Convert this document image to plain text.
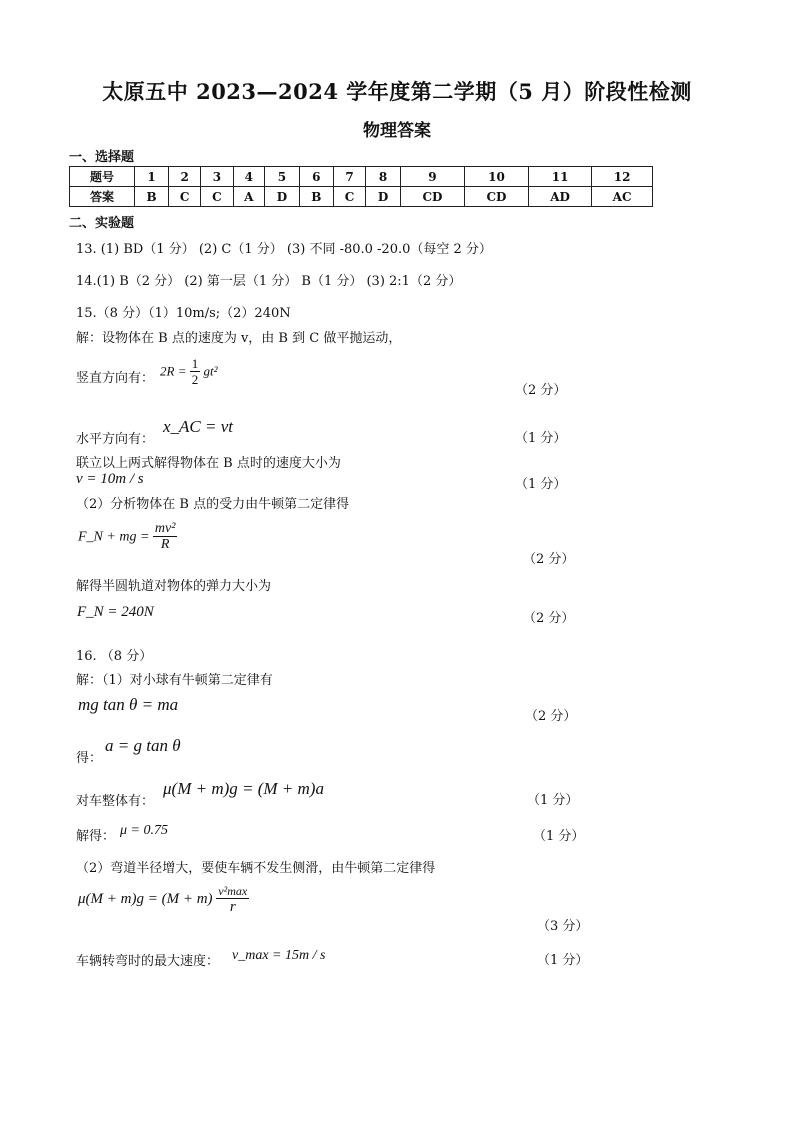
太原五中 2023—2024 学年度第二学期（5 月）阶段性检测
物理答案
一、选择题
题号	1	2	3	4	5	6	7	8	9	10	11	12
答案	B	C	C	A	D	B	C	D	CD	CD	AD	AC
二、实验题
13. (1) BD（1 分） (2) C（1 分） (3) 不同 -80.0 -20.0（每空 2 分）
14.(1) B（2 分） (2) 第一层（1 分） B（1 分） (3) 2:1（2 分）
15.（8 分）（1）10m/s;（2）240N
解：设物体在 B 点的速度为 v，由 B 到 C 做平抛运动，
竖直方向有：
$2R = \frac{1}{2} gt^2$
（2 分）
水平方向有：
x_AC = vt
（1 分）
联立以上两式解得物体在 B 点时的速度大小为
v = 10m / s	（1 分）
（2）分析物体在 B 点的受力由牛顿第二定律得
F_N + mg = $\frac{\text{mv²}}{R}$
（2 分）
解得半圆轨道对物体的弹力大小为
F_N = 240N	（2 分）
16. （8 分）
解：（1）对小球有牛顿第二定律有
mg tan θ = ma
（2 分）
得：
a = g tan θ
对车整体有：
μ(M + m)g = (M + m)a
（1 分）
解得： μ = 0.75	（1 分）
（2）弯道半径增大，要使车辆不发生侧滑，由牛顿第二定律得
$\mu(M + m)g = (M + m) \frac{\text{v²max}}{r}$
（3 分）
车辆转弯时的最大速度： v_max = 15m / s	（1 分）
